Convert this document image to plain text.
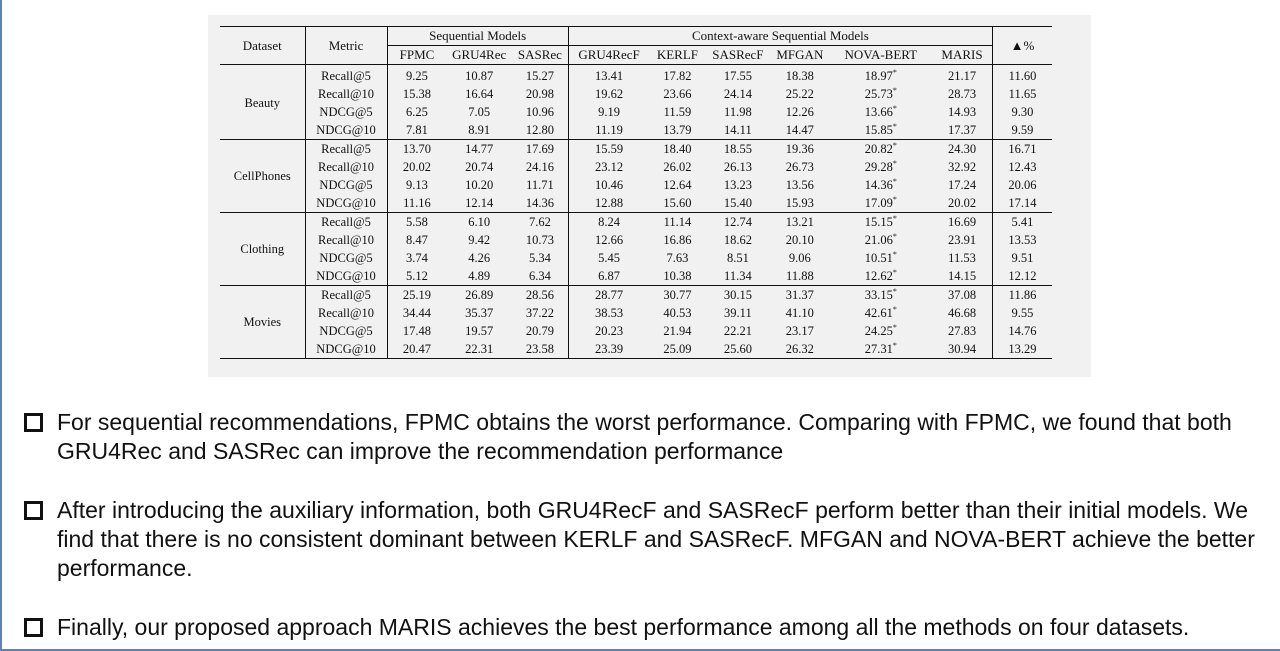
Dataset	Metric	Sequential Models			Context-aware Sequential Models						▲%
		FPMC	GRU4Rec	SASRec	GRU4RecF	KERLF	SASRecF	MFGAN	NOVA-BERT	MARIS	
Beauty	Recall@5	9.25	10.87	15.27	13.41	17.82	17.55	18.38	18.97*	21.17	11.60
	Recall@10	15.38	16.64	20.98	19.62	23.66	24.14	25.22	25.73*	28.73	11.65
	NDCG@5	6.25	7.05	10.96	9.19	11.59	11.98	12.26	13.66*	14.93	9.30
	NDCG@10	7.81	8.91	12.80	11.19	13.79	14.11	14.47	15.85*	17.37	9.59
CellPhones	Recall@5	13.70	14.77	17.69	15.59	18.40	18.55	19.36	20.82*	24.30	16.71
	Recall@10	20.02	20.74	24.16	23.12	26.02	26.13	26.73	29.28*	32.92	12.43
	NDCG@5	9.13	10.20	11.71	10.46	12.64	13.23	13.56	14.36*	17.24	20.06
	NDCG@10	11.16	12.14	14.36	12.88	15.60	15.40	15.93	17.09*	20.02	17.14
Clothing	Recall@5	5.58	6.10	7.62	8.24	11.14	12.74	13.21	15.15*	16.69	5.41
	Recall@10	8.47	9.42	10.73	12.66	16.86	18.62	20.10	21.06*	23.91	13.53
	NDCG@5	3.74	4.26	5.34	5.45	7.63	8.51	9.06	10.51*	11.53	9.51
	NDCG@10	5.12	4.89	6.34	6.87	10.38	11.34	11.88	12.62*	14.15	12.12
Movies	Recall@5	25.19	26.89	28.56	28.77	30.77	30.15	31.37	33.15*	37.08	11.86
	Recall@10	34.44	35.37	37.22	38.53	40.53	39.11	41.10	42.61*	46.68	9.55
	NDCG@5	17.48	19.57	20.79	20.23	21.94	22.21	23.17	24.25*	27.83	14.76
	NDCG@10	20.47	22.31	23.58	23.39	25.09	25.60	26.32	27.31*	30.94	13.29
For sequential recommendations, FPMC obtains the worst performance. Comparing with FPMC, we found that both GRU4Rec and SASRec can improve the recommendation performance
After introducing the auxiliary information, both GRU4RecF and SASRecF perform better than their initial models. We find that there is no consistent dominant between KERLF and SASRecF. MFGAN and NOVA-BERT achieve the better performance.
Finally, our proposed approach MARIS achieves the best performance among all the methods on four datasets.
